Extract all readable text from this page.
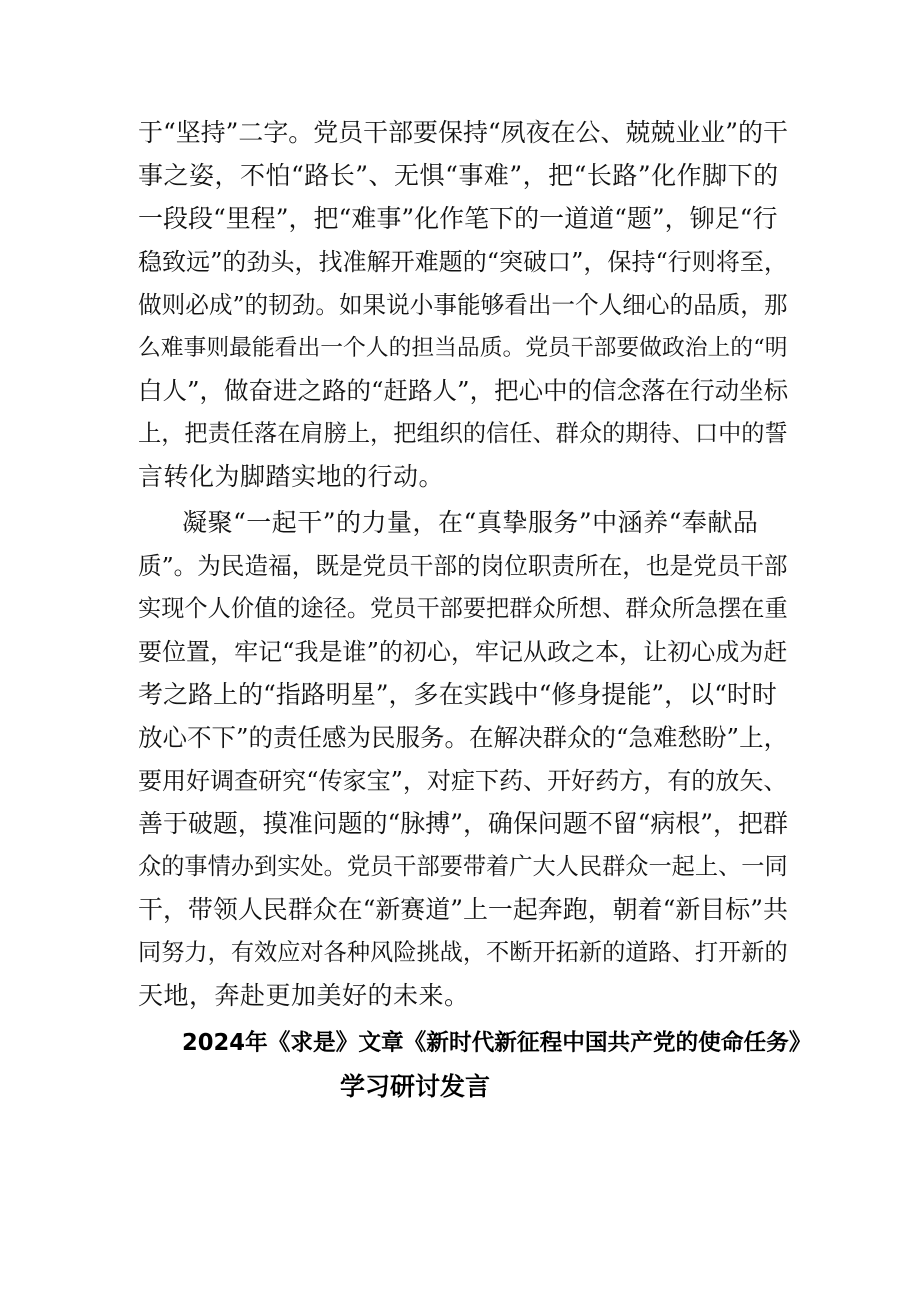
于“坚持”二字。党员干部要保持“夙夜在公、兢兢业业”的干
事之姿，不怕“路长”、无惧“事难”，把“长路”化作脚下的
一段段“里程”，把“难事”化作笔下的一道道“题”，铆足“行
稳致远”的劲头，找准解开难题的“突破口”，保持“行则将至，
做则必成”的韧劲。如果说小事能够看出一个人细心的品质，那
么难事则最能看出一个人的担当品质。党员干部要做政治上的“明
白人”，做奋进之路的“赶路人”，把心中的信念落在行动坐标
上，把责任落在肩膀上，把组织的信任、群众的期待、口中的誓
言转化为脚踏实地的行动。
凝聚“一起干”的力量，在“真挚服务”中涵养“奉献品
质”。为民造福，既是党员干部的岗位职责所在，也是党员干部
实现个人价值的途径。党员干部要把群众所想、群众所急摆在重
要位置，牢记“我是谁”的初心，牢记从政之本，让初心成为赶
考之路上的“指路明星”，多在实践中“修身提能”，以“时时
放心不下”的责任感为民服务。在解决群众的“急难愁盼”上，
要用好调查研究“传家宝”，对症下药、开好药方，有的放矢、
善于破题，摸准问题的“脉搏”，确保问题不留“病根”，把群
众的事情办到实处。党员干部要带着广大人民群众一起上、一同
干，带领人民群众在“新赛道”上一起奔跑，朝着“新目标”共
同努力，有效应对各种风险挑战，不断开拓新的道路、打开新的
天地，奔赴更加美好的未来。
2024年《求是》文章《新时代新征程中国共产党的使命任务》
学习研讨发言
